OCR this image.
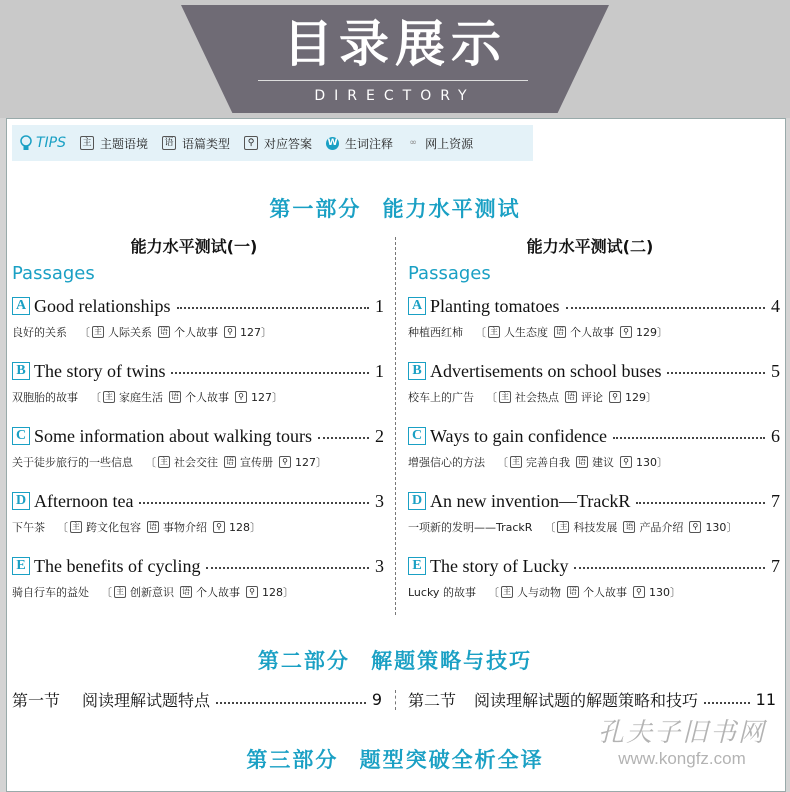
目录展示
DIRECTORY
TIPS 主 主题语境 语 语篇类型	⚲ 对应答案 W 生词注释 ∞ 网上资源
第一部分 能力水平测试
能力水平测试(一)	能力水平测试(二)
Passages	Passages
A Good relationships	1
良好的关系 〔 主 人际关系 语 个人故事	⚲ 127 〕
B The story of twins	1
双胞胎的故事 〔 主 家庭生活 语 个人故事	⚲ 127 〕
C Some information about walking tours	2
关于徒步旅行的一些信息 〔 主 社会交往 语 宣传册	⚲ 127 〕
D Afternoon tea	3
下午茶 〔 主 跨文化包容 语 事物介绍	⚲ 128 〕
E The benefits of cycling	3
骑自行车的益处 〔 主 创新意识 语 个人故事	⚲ 128 〕
A Planting tomatoes	4
种植西红柿 〔 主 人生态度 语 个人故事	⚲ 129 〕
B Advertisements on school buses	5
校车上的广告 〔 主 社会热点 语 评论	⚲ 129 〕
C Ways to gain confidence	6
增强信心的方法 〔 主 完善自我 语 建议	⚲ 130 〕
D An new invention—TrackR	7
一项新的发明——TrackR 〔 主 科技发展 语 产品介绍	⚲ 130 〕
E The story of Lucky	7
Lucky 的故事 〔 主 人与动物 语 个人故事	⚲ 130 〕
第二部分 解题策略与技巧
第一节 阅读理解试题特点	9 第二节 阅读理解试题的解题策略和技巧	11
第三部分 题型突破全析全译
孔夫子旧书网
www.kongfz.com
